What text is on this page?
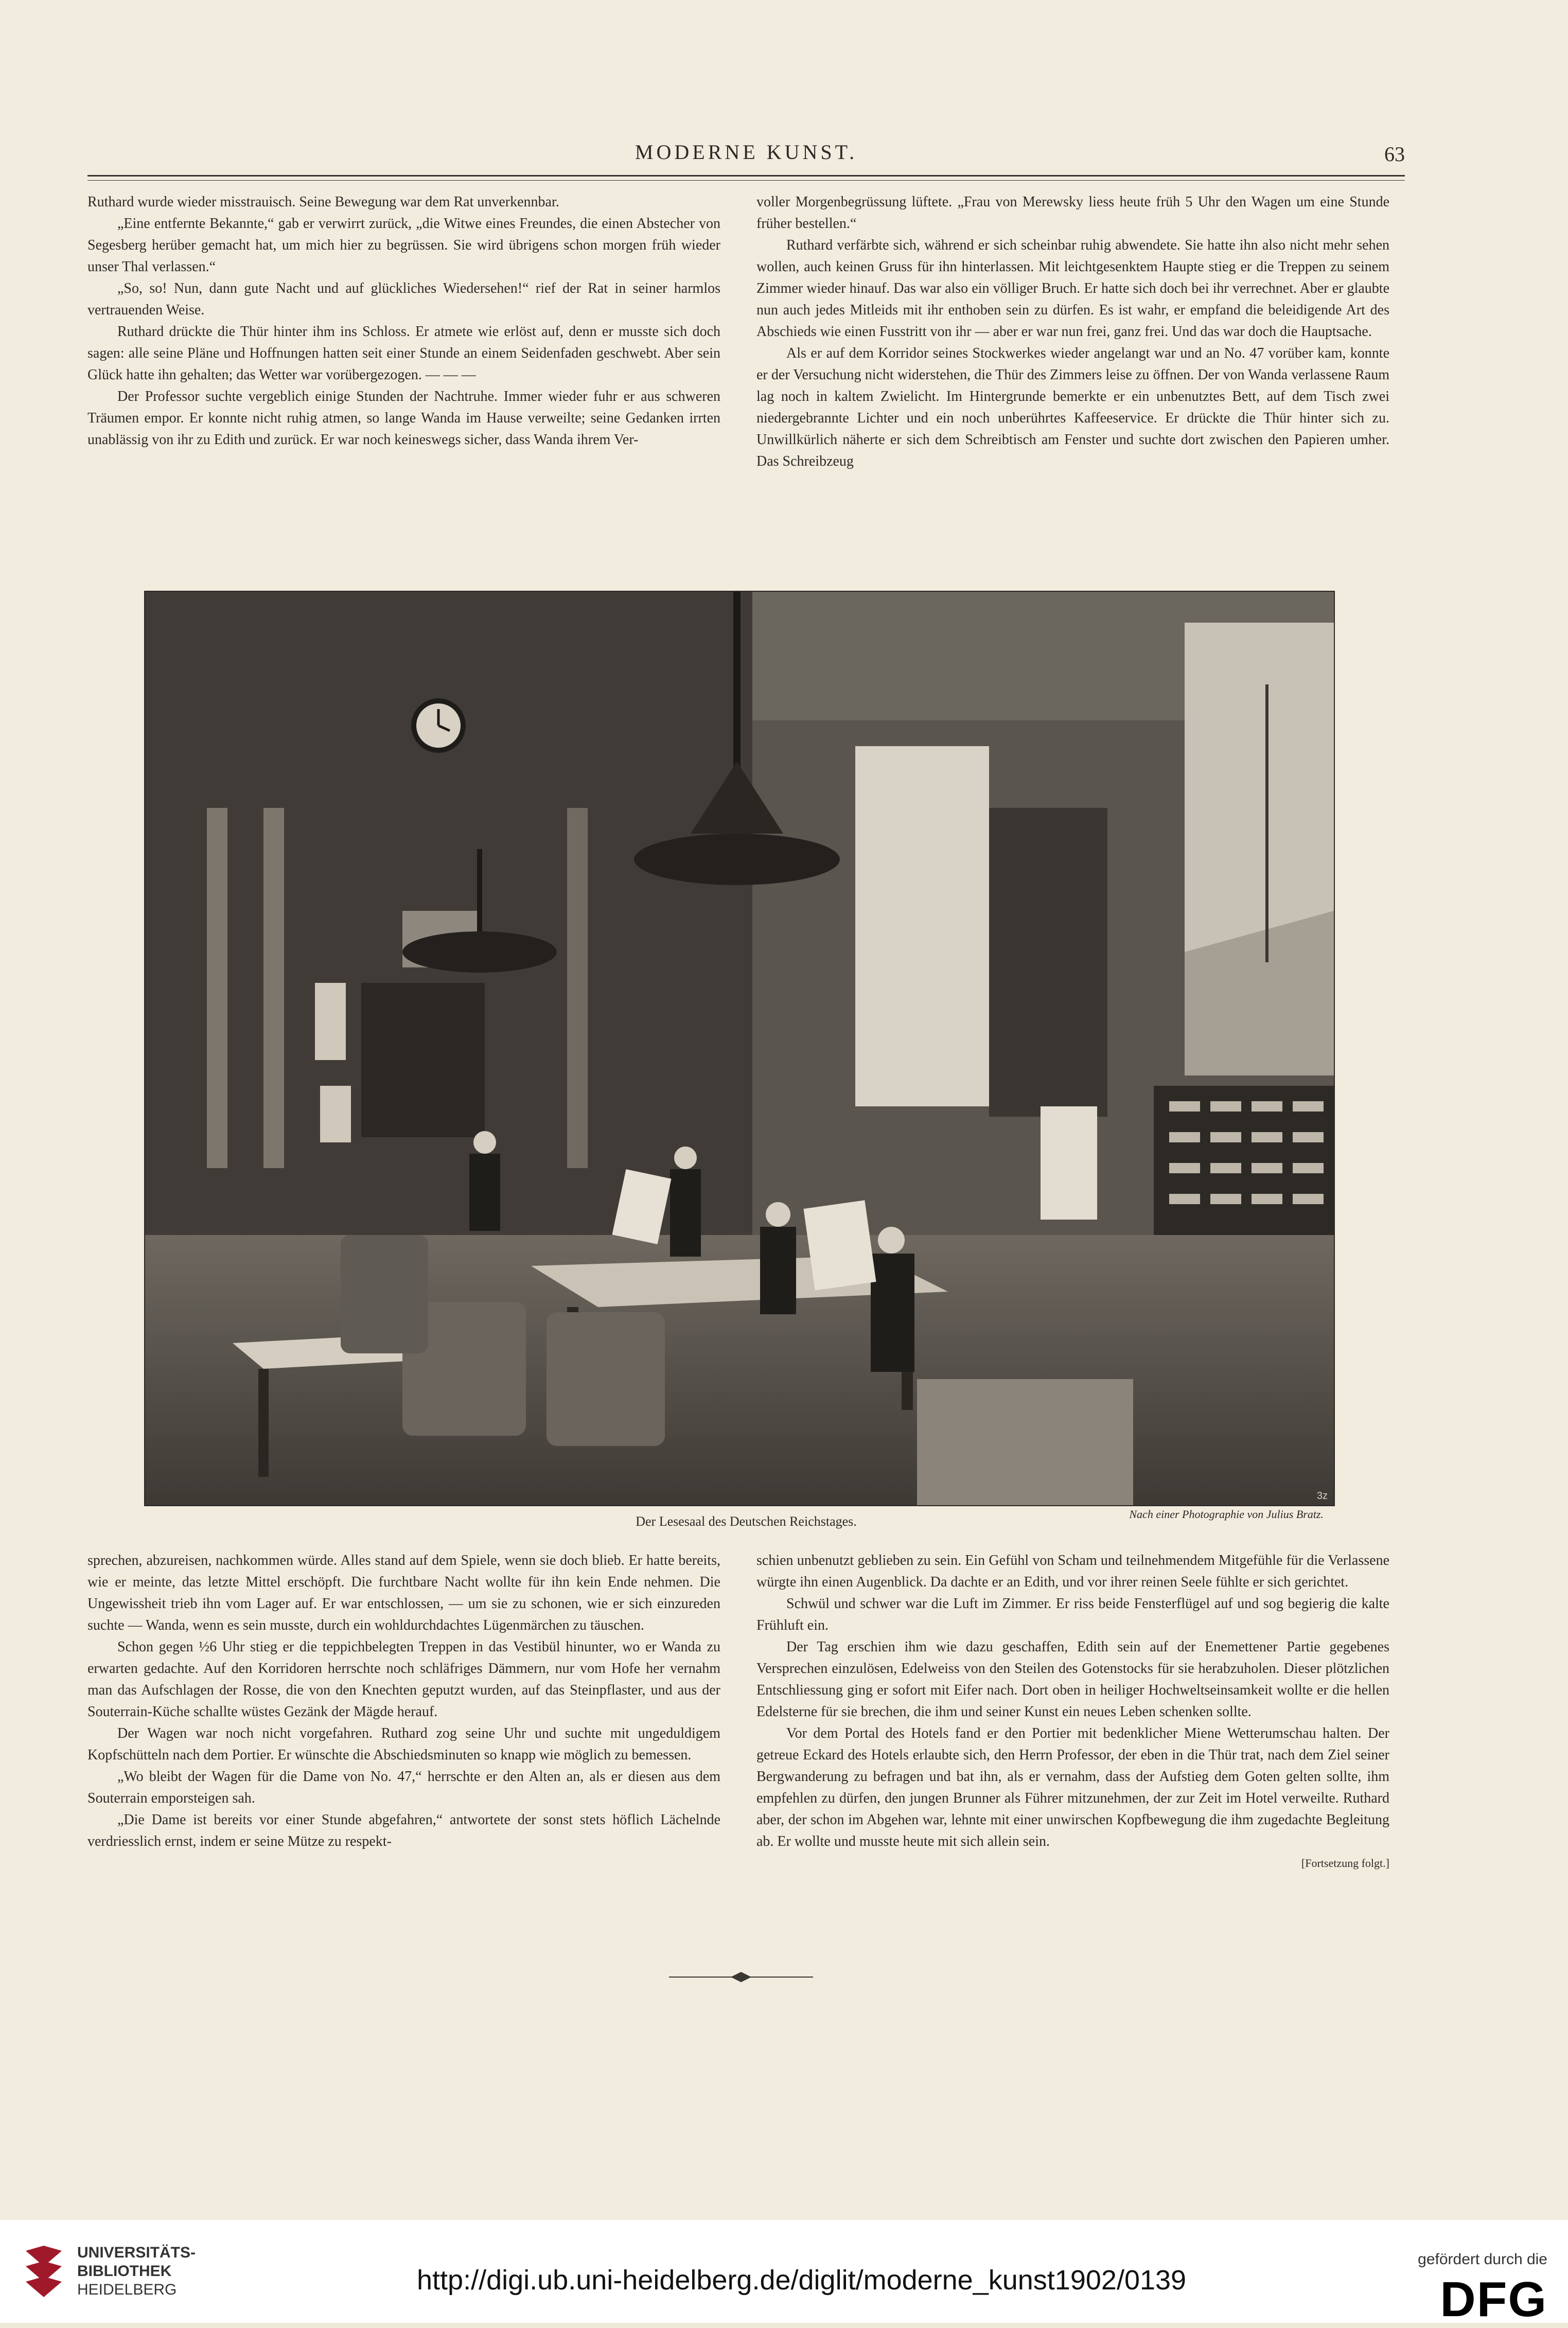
MODERNE KUNST.	63

Ruthard wurde wieder misstrauisch. Seine Bewegung war dem Rat unverkennbar.

„Eine entfernte Bekannte,“ gab er verwirrt zurück, „die Witwe eines Freundes, die einen Abstecher von Segesberg herüber gemacht hat, um mich hier zu begrüssen. Sie wird übrigens schon morgen früh wieder unser Thal verlassen.“

„So, so! Nun, dann gute Nacht und auf glückliches Wiedersehen!“ rief der Rat in seiner harmlos vertrauenden Weise.

Ruthard drückte die Thür hinter ihm ins Schloss. Er atmete wie erlöst auf, denn er musste sich doch sagen: alle seine Pläne und Hoffnungen hatten seit einer Stunde an einem Seidenfaden geschwebt. Aber sein Glück hatte ihn gehalten; das Wetter war vorübergezogen. — — —

Der Professor suchte vergeblich einige Stunden der Nachtruhe. Immer wieder fuhr er aus schweren Träumen empor. Er konnte nicht ruhig atmen, so lange Wanda im Hause verweilte; seine Gedanken irrten unablässig von ihr zu Edith und zurück. Er war noch keineswegs sicher, dass Wanda ihrem Ver-

voller Morgenbegrüssung lüftete. „Frau von Merewsky liess heute früh 5 Uhr den Wagen um eine Stunde früher bestellen.“

Ruthard verfärbte sich, während er sich scheinbar ruhig abwendete. Sie hatte ihn also nicht mehr sehen wollen, auch keinen Gruss für ihn hinterlassen. Mit leichtgesenktem Haupte stieg er die Treppen zu seinem Zimmer wieder hinauf. Das war also ein völliger Bruch. Er hatte sich doch bei ihr verrechnet. Aber er glaubte nun auch jedes Mitleids mit ihr enthoben sein zu dürfen. Es ist wahr, er empfand die beleidigende Art des Abschieds wie einen Fusstritt von ihr — aber er war nun frei, ganz frei. Und das war doch die Hauptsache.

Als er auf dem Korridor seines Stockwerkes wieder angelangt war und an No. 47 vorüber kam, konnte er der Versuchung nicht widerstehen, die Thür des Zimmers leise zu öffnen. Der von Wanda verlassene Raum lag noch in kaltem Zwielicht. Im Hintergrunde bemerkte er ein unbenutztes Bett, auf dem Tisch zwei niedergebrannte Lichter und ein noch unberührtes Kaffeeservice. Er drückte die Thür hinter sich zu. Unwillkürlich näherte er sich dem Schreibtisch am Fenster und suchte dort zwischen den Papieren umher. Das Schreibzeug

3z
Nach einer Photographie von Julius Bratz.
Der Lesesaal des Deutschen Reichstages.

sprechen, abzureisen, nachkommen würde. Alles stand auf dem Spiele, wenn sie doch blieb. Er hatte bereits, wie er meinte, das letzte Mittel erschöpft. Die furchtbare Nacht wollte für ihn kein Ende nehmen. Die Ungewissheit trieb ihn vom Lager auf. Er war entschlossen, — um sie zu schonen, wie er sich einzureden suchte — Wanda, wenn es sein musste, durch ein wohldurchdachtes Lügenmärchen zu täuschen.

Schon gegen ½6 Uhr stieg er die teppichbelegten Treppen in das Vestibül hinunter, wo er Wanda zu erwarten gedachte. Auf den Korridoren herrschte noch schläfriges Dämmern, nur vom Hofe her vernahm man das Aufschlagen der Rosse, die von den Knechten geputzt wurden, auf das Steinpflaster, und aus der Souterrain-Küche schallte wüstes Gezänk der Mägde herauf.

Der Wagen war noch nicht vorgefahren. Ruthard zog seine Uhr und suchte mit ungeduldigem Kopfschütteln nach dem Portier. Er wünschte die Abschiedsminuten so knapp wie möglich zu bemessen.

„Wo bleibt der Wagen für die Dame von No. 47,“ herrschte er den Alten an, als er diesen aus dem Souterrain emporsteigen sah.

„Die Dame ist bereits vor einer Stunde abgefahren,“ antwortete der sonst stets höflich Lächelnde verdriesslich ernst, indem er seine Mütze zu respekt-

schien unbenutzt geblieben zu sein. Ein Gefühl von Scham und teilnehmendem Mitgefühle für die Verlassene würgte ihn einen Augenblick. Da dachte er an Edith, und vor ihrer reinen Seele fühlte er sich gerichtet.

Schwül und schwer war die Luft im Zimmer. Er riss beide Fensterflügel auf und sog begierig die kalte Frühluft ein.

Der Tag erschien ihm wie dazu geschaffen, Edith sein auf der Enemettener Partie gegebenes Versprechen einzulösen, Edelweiss von den Steilen des Gotenstocks für sie herabzuholen. Dieser plötzlichen Entschliessung ging er sofort mit Eifer nach. Dort oben in heiliger Hochweltseinsamkeit wollte er die hellen Edelsterne für sie brechen, die ihm und seiner Kunst ein neues Leben schenken sollte.

Vor dem Portal des Hotels fand er den Portier mit bedenklicher Miene Wetterumschau halten. Der getreue Eckard des Hotels erlaubte sich, den Herrn Professor, der eben in die Thür trat, nach dem Ziel seiner Bergwanderung zu befragen und bat ihn, als er vernahm, dass der Aufstieg dem Goten gelten sollte, ihm empfehlen zu dürfen, den jungen Brunner als Führer mitzunehmen, der zur Zeit im Hotel verweilte. Ruthard aber, der schon im Abgehen war, lehnte mit einer unwirschen Kopfbewegung die ihm zugedachte Begleitung ab. Er wollte und musste heute mit sich allein sein.

[Fortsetzung folgt.]

UNIVERSITÄTS-
BIBLIOTHEK
HEIDELBERG	http://digi.ub.uni-heidelberg.de/diglit/moderne_kunst1902/0139
gefördert durch die
DFG
